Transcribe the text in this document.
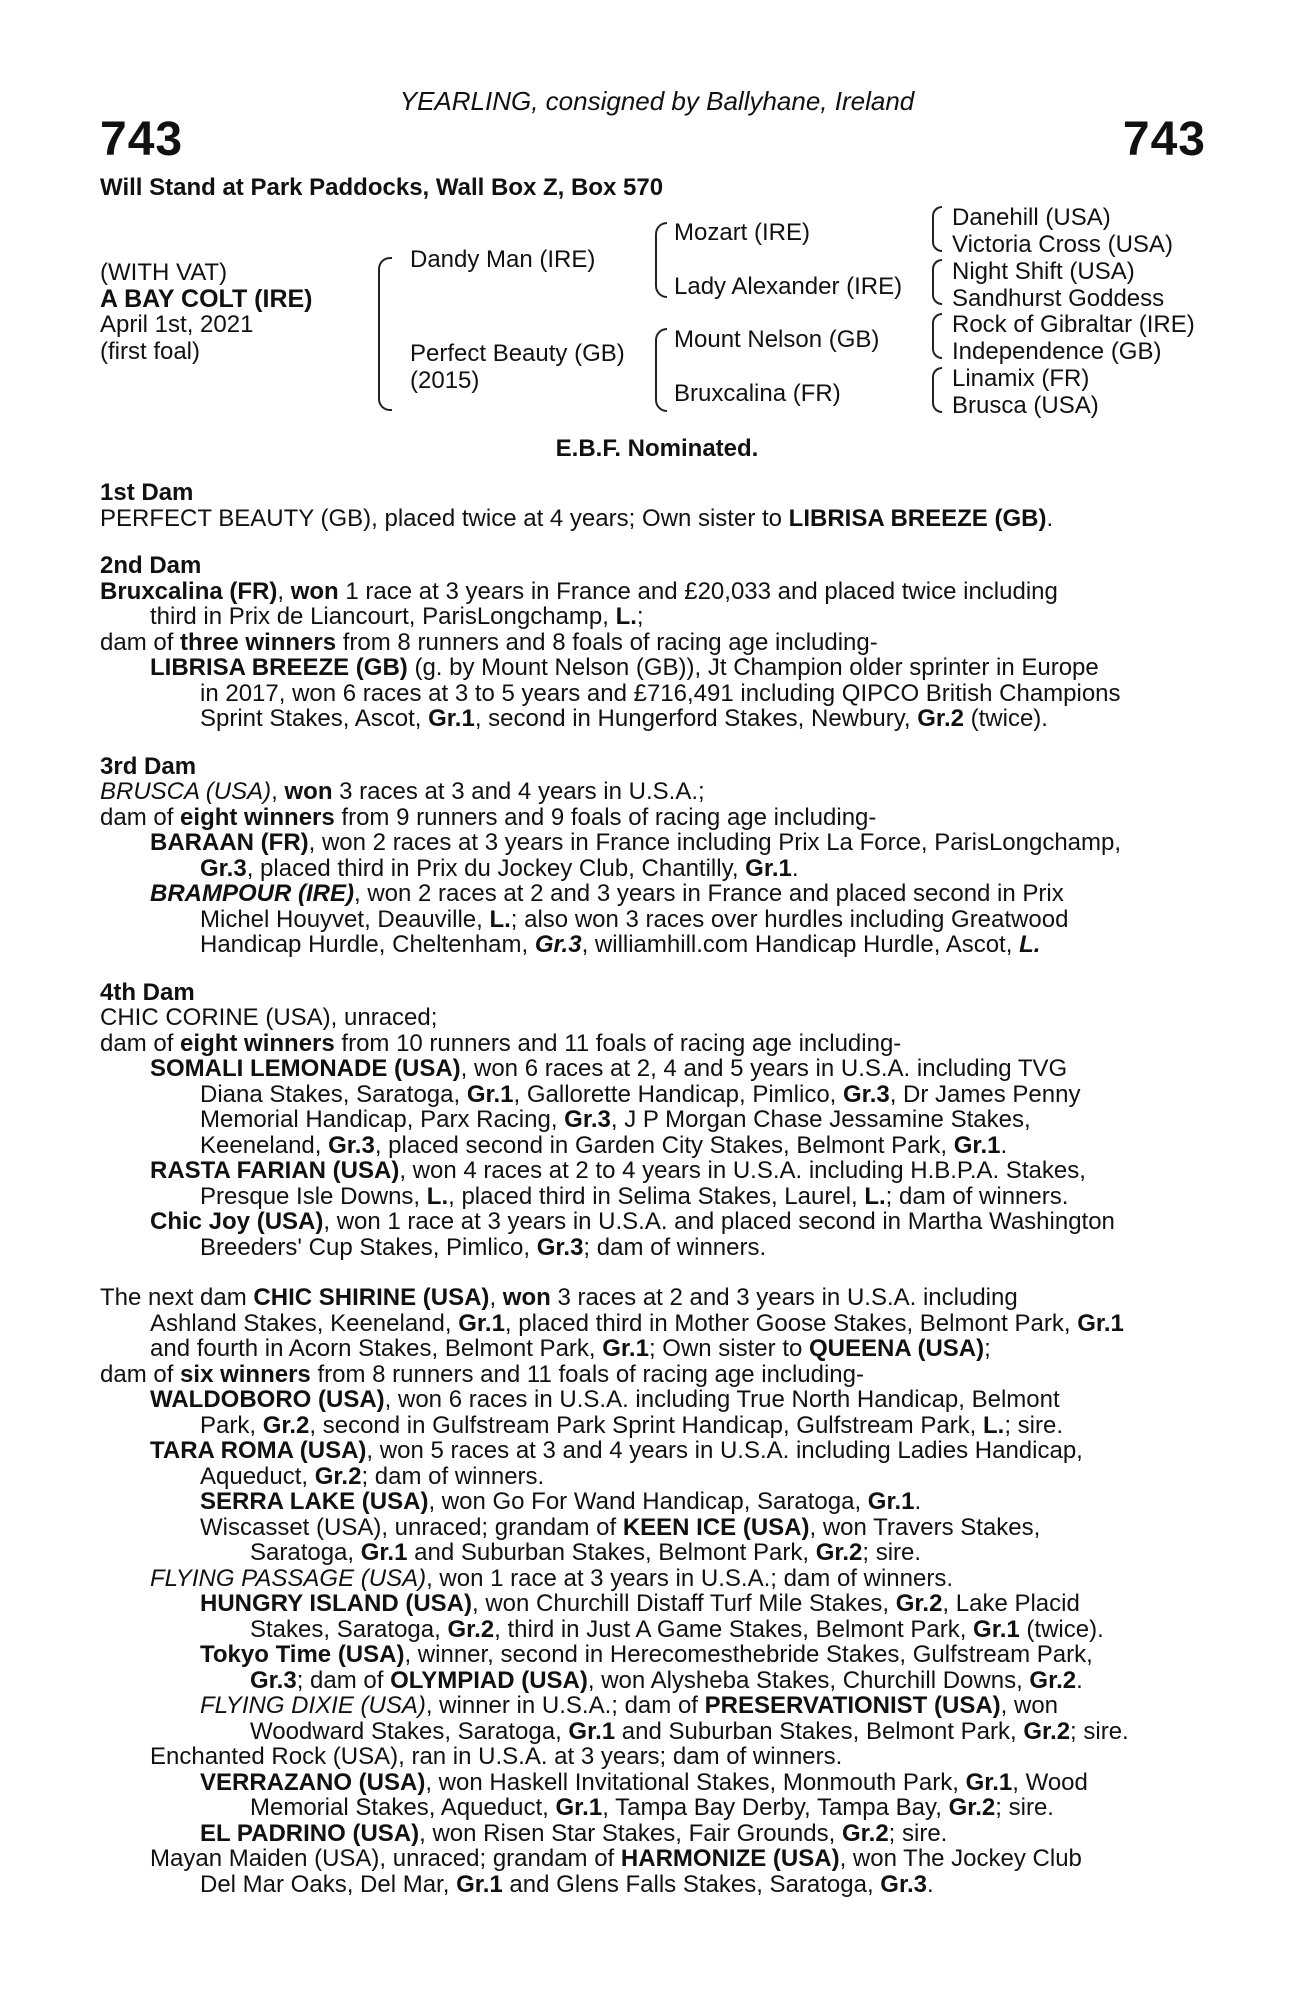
YEARLING, consigned by Ballyhane, Ireland
743	743
Will Stand at Park Paddocks, Wall Box Z, Box 570
(WITH VAT)
A BAY COLT (IRE)
April 1st, 2021
(first foal)
Dandy Man (IRE)
Perfect Beauty (GB)
(2015)
Mozart (IRE)
Lady Alexander (IRE)
Mount Nelson (GB)
Bruxcalina (FR)
Danehill (USA)
Victoria Cross (USA)
Night Shift (USA)
Sandhurst Goddess
Rock of Gibraltar (IRE)
Independence (GB)
Linamix (FR)
Brusca (USA)
E.B.F. Nominated.
1st Dam
PERFECT BEAUTY (GB), placed twice at 4 years; Own sister to LIBRISA BREEZE (GB).
2nd Dam
Bruxcalina (FR), won 1 race at 3 years in France and £20,033 and placed twice including
third in Prix de Liancourt, ParisLongchamp, L.;
dam of three winners from 8 runners and 8 foals of racing age including-
LIBRISA BREEZE (GB) (g. by Mount Nelson (GB)), Jt Champion older sprinter in Europe
in 2017, won 6 races at 3 to 5 years and £716,491 including QIPCO British Champions
Sprint Stakes, Ascot, Gr.1, second in Hungerford Stakes, Newbury, Gr.2 (twice).
3rd Dam
BRUSCA (USA), won 3 races at 3 and 4 years in U.S.A.;
dam of eight winners from 9 runners and 9 foals of racing age including-
BARAAN (FR), won 2 races at 3 years in France including Prix La Force, ParisLongchamp,
Gr.3, placed third in Prix du Jockey Club, Chantilly, Gr.1.
BRAMPOUR (IRE), won 2 races at 2 and 3 years in France and placed second in Prix
Michel Houyvet, Deauville, L.; also won 3 races over hurdles including Greatwood
Handicap Hurdle, Cheltenham, Gr.3, williamhill.com Handicap Hurdle, Ascot, L.
4th Dam
CHIC CORINE (USA), unraced;
dam of eight winners from 10 runners and 11 foals of racing age including-
SOMALI LEMONADE (USA), won 6 races at 2, 4 and 5 years in U.S.A. including TVG
Diana Stakes, Saratoga, Gr.1, Gallorette Handicap, Pimlico, Gr.3, Dr James Penny
Memorial Handicap, Parx Racing, Gr.3, J P Morgan Chase Jessamine Stakes,
Keeneland, Gr.3, placed second in Garden City Stakes, Belmont Park, Gr.1.
RASTA FARIAN (USA), won 4 races at 2 to 4 years in U.S.A. including H.B.P.A. Stakes,
Presque Isle Downs, L., placed third in Selima Stakes, Laurel, L.; dam of winners.
Chic Joy (USA), won 1 race at 3 years in U.S.A. and placed second in Martha Washington
Breeders' Cup Stakes, Pimlico, Gr.3; dam of winners.
The next dam CHIC SHIRINE (USA), won 3 races at 2 and 3 years in U.S.A. including
Ashland Stakes, Keeneland, Gr.1, placed third in Mother Goose Stakes, Belmont Park, Gr.1
and fourth in Acorn Stakes, Belmont Park, Gr.1; Own sister to QUEENA (USA);
dam of six winners from 8 runners and 11 foals of racing age including-
WALDOBORO (USA), won 6 races in U.S.A. including True North Handicap, Belmont
Park, Gr.2, second in Gulfstream Park Sprint Handicap, Gulfstream Park, L.; sire.
TARA ROMA (USA), won 5 races at 3 and 4 years in U.S.A. including Ladies Handicap,
Aqueduct, Gr.2; dam of winners.
SERRA LAKE (USA), won Go For Wand Handicap, Saratoga, Gr.1.
Wiscasset (USA), unraced; grandam of KEEN ICE (USA), won Travers Stakes,
Saratoga, Gr.1 and Suburban Stakes, Belmont Park, Gr.2; sire.
FLYING PASSAGE (USA), won 1 race at 3 years in U.S.A.; dam of winners.
HUNGRY ISLAND (USA), won Churchill Distaff Turf Mile Stakes, Gr.2, Lake Placid
Stakes, Saratoga, Gr.2, third in Just A Game Stakes, Belmont Park, Gr.1 (twice).
Tokyo Time (USA), winner, second in Herecomesthebride Stakes, Gulfstream Park,
Gr.3; dam of OLYMPIAD (USA), won Alysheba Stakes, Churchill Downs, Gr.2.
FLYING DIXIE (USA), winner in U.S.A.; dam of PRESERVATIONIST (USA), won
Woodward Stakes, Saratoga, Gr.1 and Suburban Stakes, Belmont Park, Gr.2; sire.
Enchanted Rock (USA), ran in U.S.A. at 3 years; dam of winners.
VERRAZANO (USA), won Haskell Invitational Stakes, Monmouth Park, Gr.1, Wood
Memorial Stakes, Aqueduct, Gr.1, Tampa Bay Derby, Tampa Bay, Gr.2; sire.
EL PADRINO (USA), won Risen Star Stakes, Fair Grounds, Gr.2; sire.
Mayan Maiden (USA), unraced; grandam of HARMONIZE (USA), won The Jockey Club
Del Mar Oaks, Del Mar, Gr.1 and Glens Falls Stakes, Saratoga, Gr.3.
